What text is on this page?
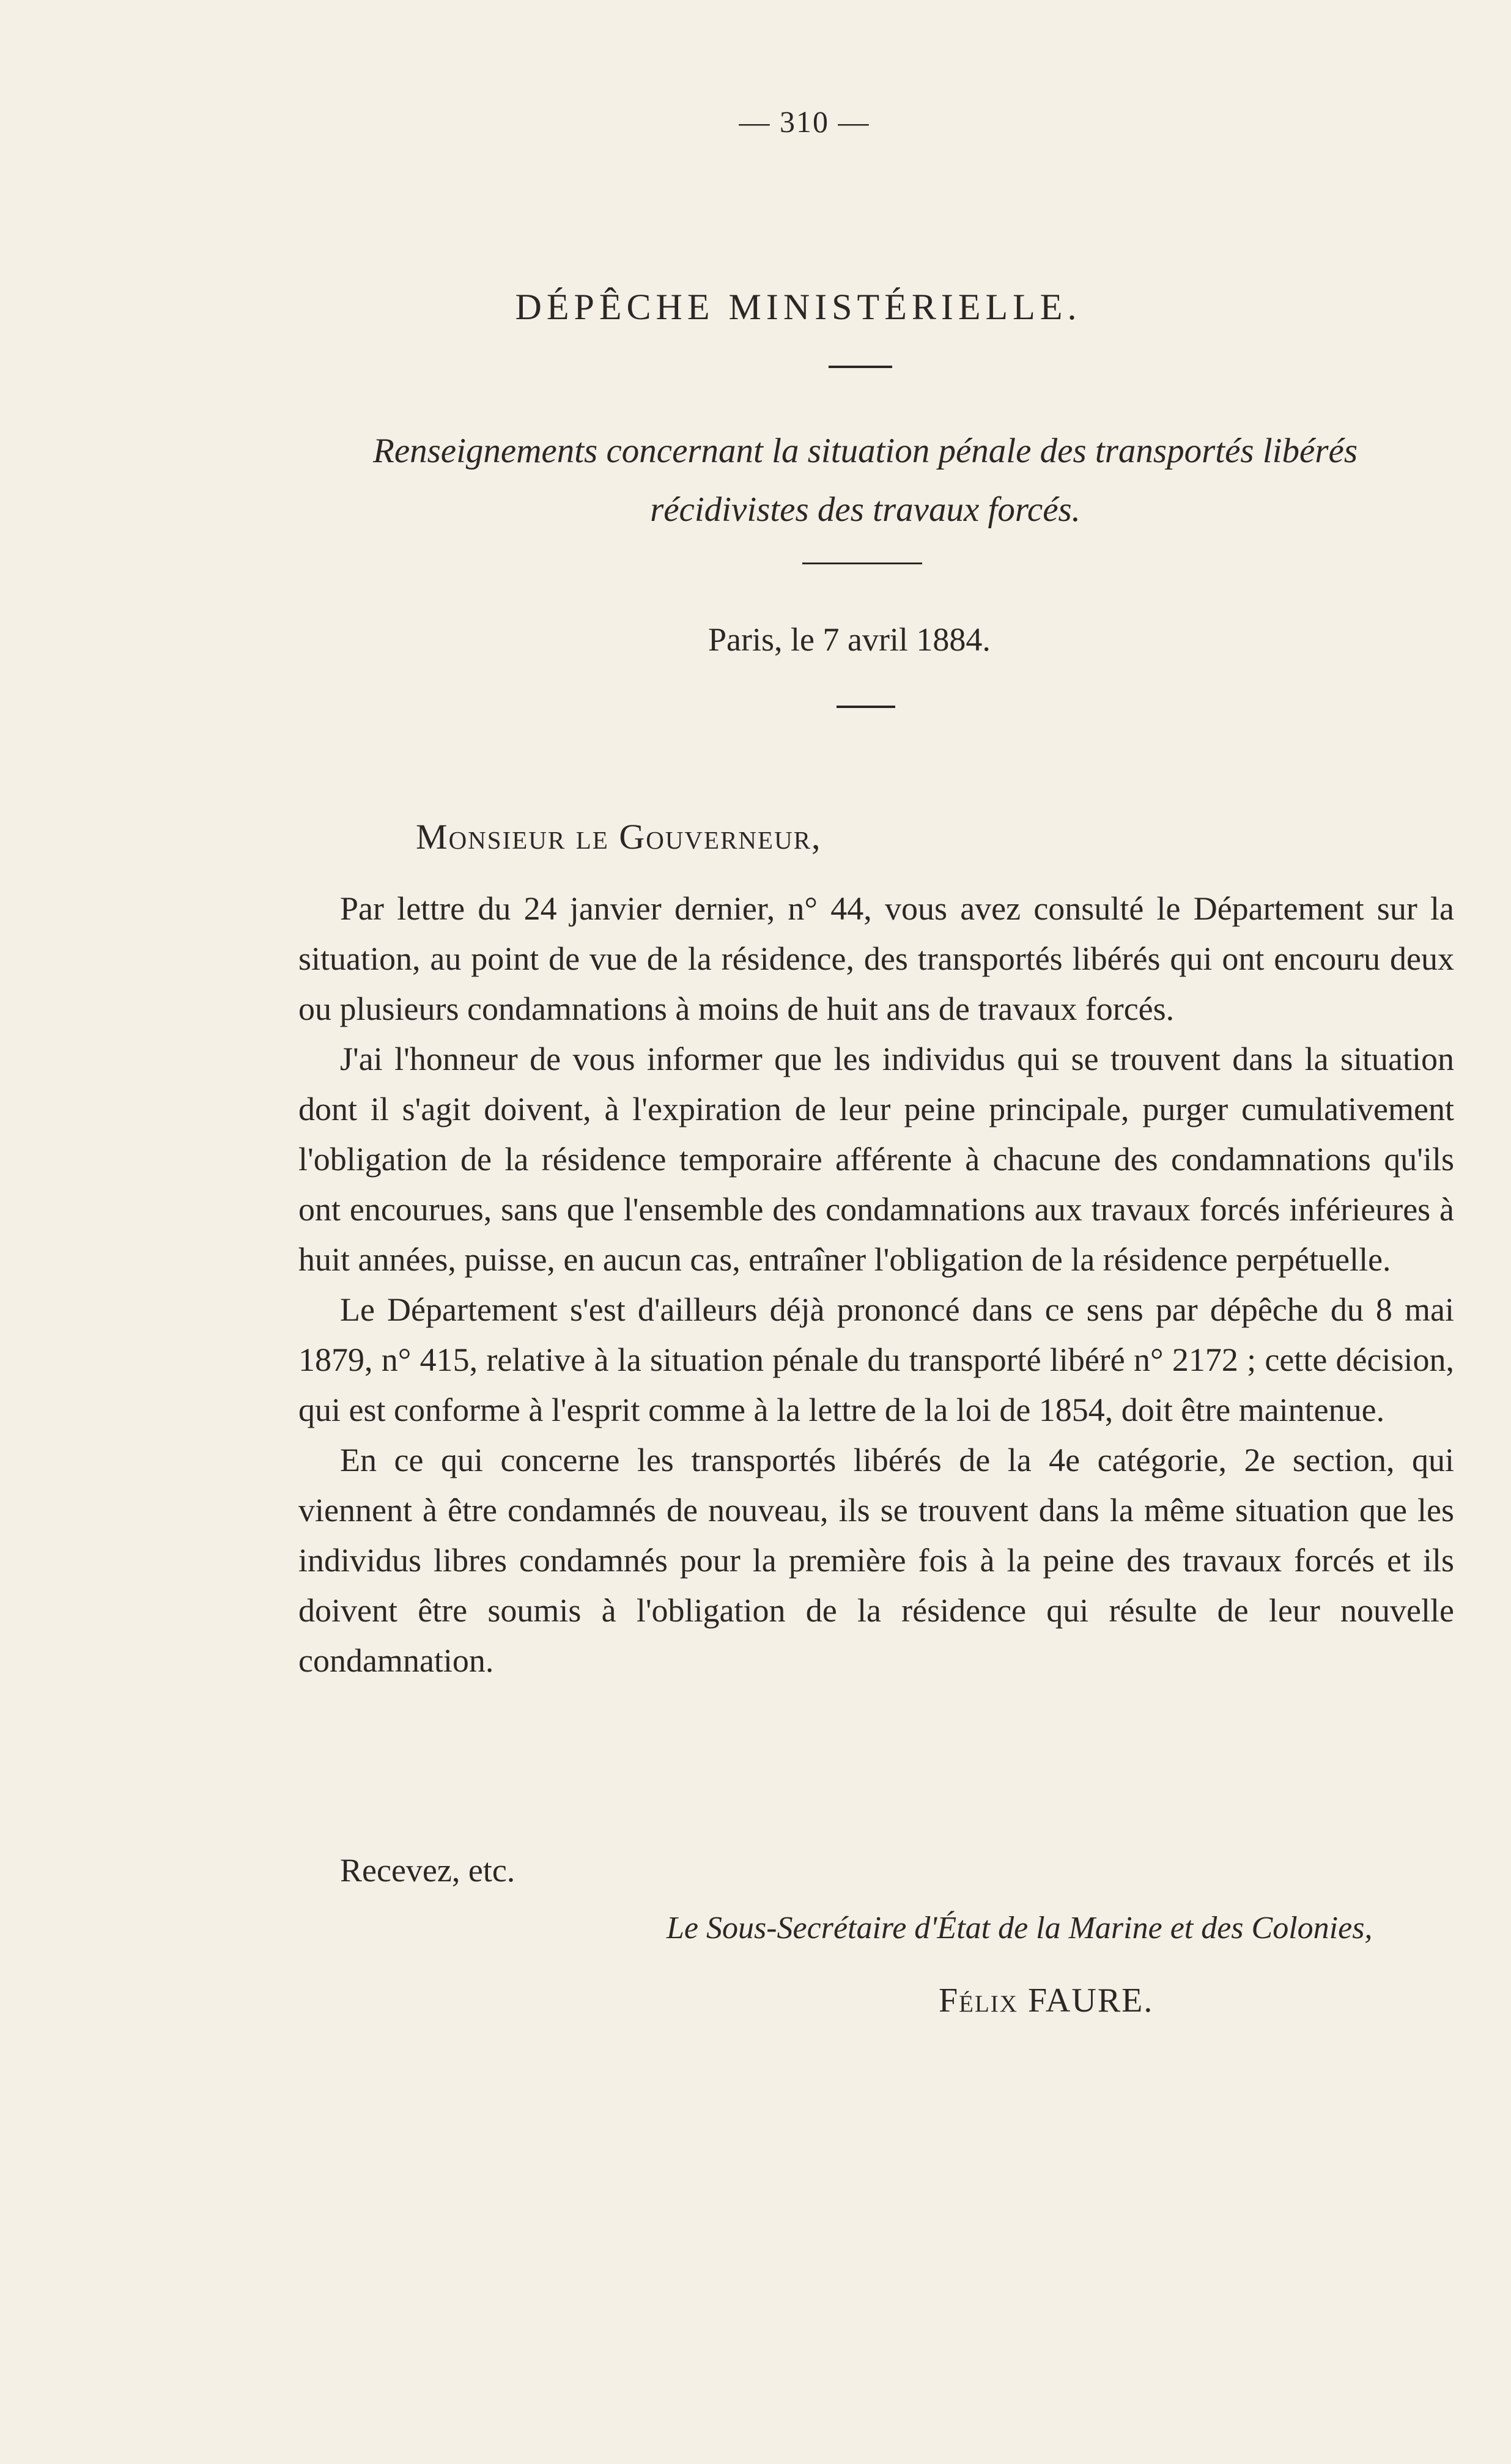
— 310 —
DÉPÊCHE MINISTÉRIELLE.
Renseignements concernant la situation pénale des transportés libérés
récidivistes des travaux forcés.
Paris, le 7 avril 1884.
Monsieur le Gouverneur,

Par lettre du 24 janvier dernier, n° 44, vous avez consulté le Département sur la situation, au point de vue de la résidence, des transportés libérés qui ont encouru deux ou plusieurs condamnations à moins de huit ans de travaux forcés.

J'ai l'honneur de vous informer que les individus qui se trouvent dans la situation dont il s'agit doivent, à l'expiration de leur peine principale, purger cumulativement l'obligation de la résidence temporaire afférente à chacune des condamnations qu'ils ont encourues, sans que l'ensemble des condamnations aux travaux forcés inférieures à huit années, puisse, en aucun cas, entraîner l'obligation de la résidence perpétuelle.

Le Département s'est d'ailleurs déjà prononcé dans ce sens par dépêche du 8 mai 1879, n° 415, relative à la situation pénale du transporté libéré n° 2172 ; cette décision, qui est conforme à l'esprit comme à la lettre de la loi de 1854, doit être maintenue.

En ce qui concerne les transportés libérés de la 4e catégorie, 2e section, qui viennent à être condamnés de nouveau, ils se trouvent dans la même situation que les individus libres condamnés pour la première fois à la peine des travaux forcés et ils doivent être soumis à l'obligation de la résidence qui résulte de leur nouvelle condamnation.

Recevez, etc.
Le Sous-Secrétaire d'État de la Marine et des Colonies,
Félix FAURE.
